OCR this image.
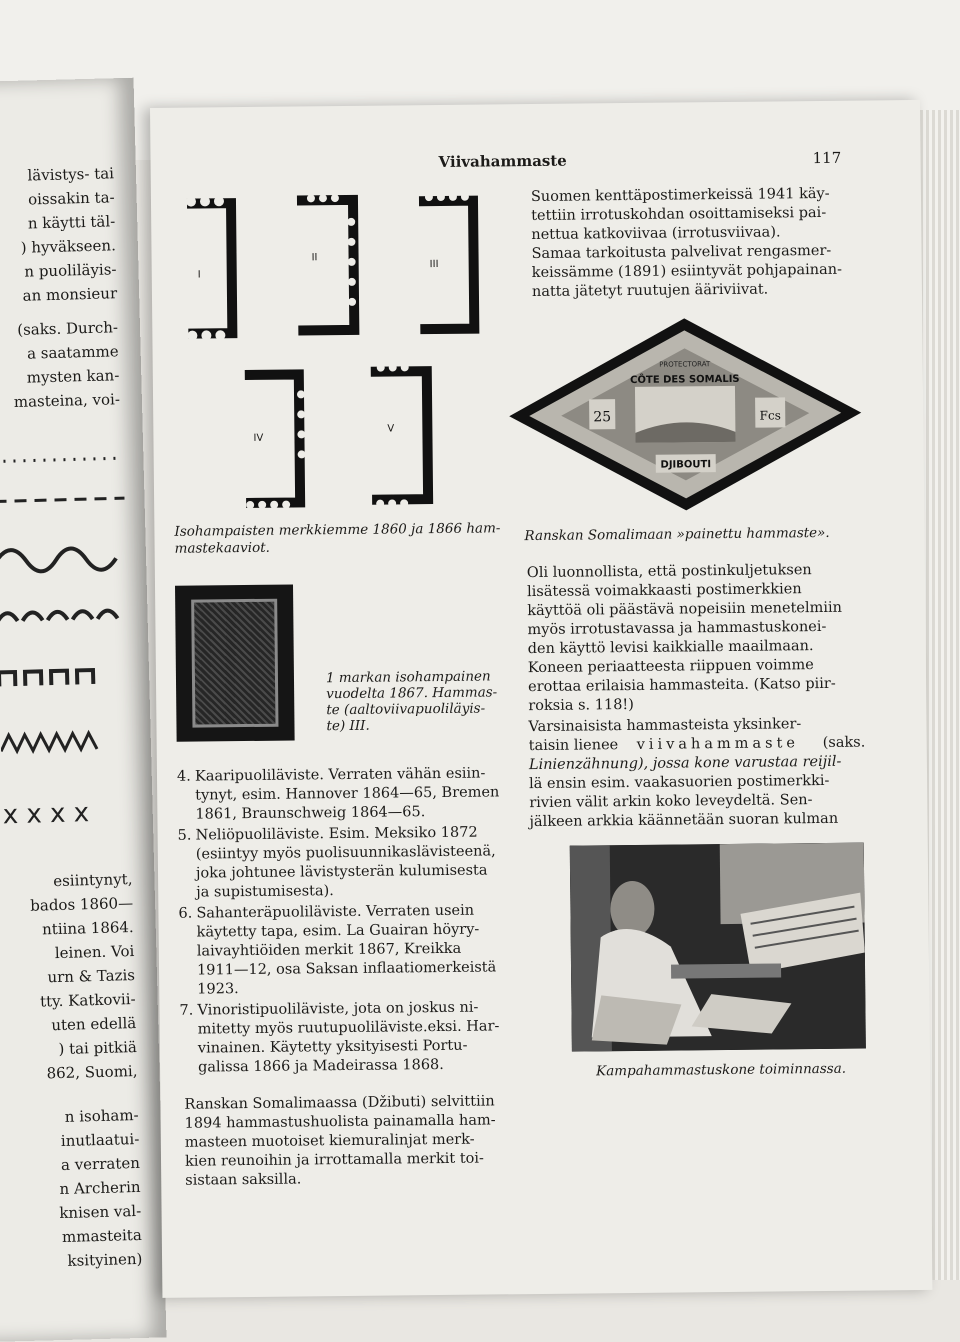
lävistys- tai
oissakin ta-
n käytti täl-
) hyväkseen.
n puoliläyis-
an monsieur
(saks. Durch-
a saatamme
mysten kan-
masteina, voi-
x x x x
esiintynyt,
bados 1860—
ntiina 1864.
leinen. Voi
urn & Tazis
tty. Katkovii-
uten edellä
) tai pitkiä
862, Suomi,
n isoham-
inutlaatui-
a verraten
n Archerin
knisen val-
mmasteita
ksityinen)
Viivahammaste	117
I
II
III
IV
V
Isohampaisten merkkiemme 1860 ja 1866 ham-
mastekaaviot.
Suomen kenttäpostimerkeissä 1941 käy-
tettiin irrotuskohdan osoittamiseksi pai-
nettua katkoviivaa (irrotusviivaa).
Samaa tarkoitusta palvelivat rengasmer-
keissämme (1891) esiintyvät pohjapainan-
natta jätetyt ruutujen ääriviivat.
PROTECTORAT
CÔTE DES SOMALIS
25	Fcs
DJIBOUTI
Ranskan Somalimaan »painettu hammaste».
1 markan isohampainen
vuodelta 1867. Hammas-
te (aaltoviivapuoliläyis-
te) III.
4. Kaaripuoliläviste. Verraten vähän esiin-
tynyt, esim. Hannover 1864—65, Bremen
1861, Braunschweig 1864—65.
5. Neliöpuoliläviste. Esim. Meksiko 1872
(esiintyy myös puolisuunnikaslävisteenä,
joka johtunee lävistysterän kulumisesta
ja supistumisesta).
6. Sahanteräpuoliläviste. Verraten usein
käytetty tapa, esim. La Guairan höyry-
laivayhtiöiden merkit 1867, Kreikka
1911—12, osa Saksan inflaatiomerkeistä
1923.
7. Vinoristipuoliläviste, jota on joskus ni-
mitetty myös ruutupuoliläviste.eksi. Har-
vinainen. Käytetty yksityisesti Portu-
galissa 1866 ja Madeirassa 1868.
Ranskan Somalimaassa (Džibuti) selvittiin
1894 hammastushuolista painamalla ham-
masteen muotoiset kiemuralinjat merk-
kien reunoihin ja irrottamalla merkit toi-
sistaan saksilla.
Oli luonnollista, että postinkuljetuksen
lisätessä voimakkaasti postimerkkien
käyttöä oli päästävä nopeisiin menetelmiin
myös irrotustavassa ja hammastuskonei-
den käyttö levisi kaikkialle maailmaan.
Koneen periaatteesta riippuen voimme
erottaa erilaisia hammasteita. (Katso piir-
roksia s. 118!)
Varsinaisista hammasteista yksinker-
taisin lienee viivahammaste (saks.
Linienzähnung), jossa kone varustaa reijil-
lä ensin esim. vaakasuorien postimerkki-
rivien välit arkin koko leveydeltä. Sen-
jälkeen arkkia käännetään suoran kulman
Kampahammastuskone toiminnassa.
